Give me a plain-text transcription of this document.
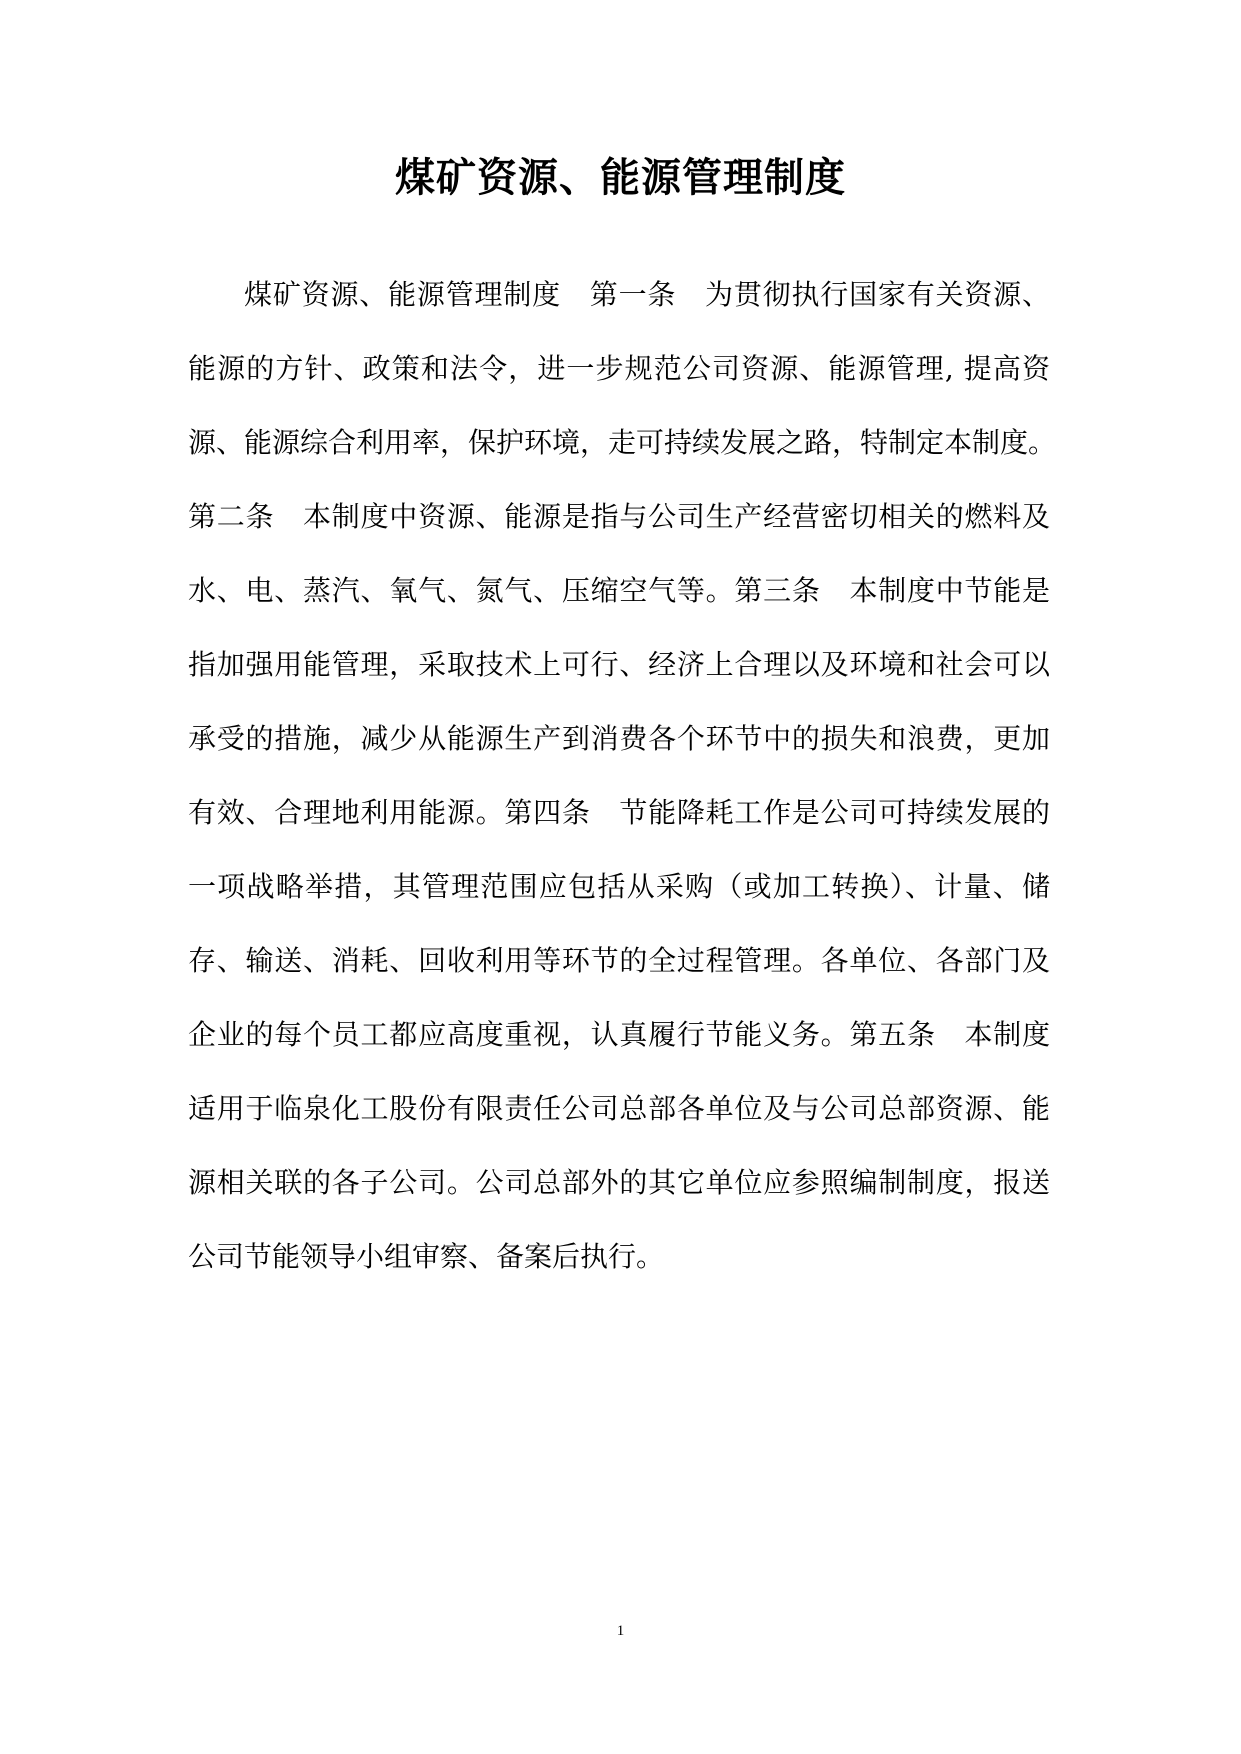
煤矿资源、能源管理制度
煤矿资源、能源管理制度　第一条　为贯彻执行国家有关资源、
能源的方针、政策和法令，进一步规范公司资源、能源管理, 提高资
源、能源综合利用率，保护环境，走可持续发展之路，特制定本制度。
第二条　本制度中资源、能源是指与公司生产经营密切相关的燃料及
水、电、蒸汽、氧气、氮气、压缩空气等。第三条　本制度中节能是
指加强用能管理，采取技术上可行、经济上合理以及环境和社会可以
承受的措施，减少从能源生产到消费各个环节中的损失和浪费，更加
有效、合理地利用能源。第四条　节能降耗工作是公司可持续发展的
一项战略举措，其管理范围应包括从采购（或加工转换）、计量、储
存、输送、消耗、回收利用等环节的全过程管理。各单位、各部门及
企业的每个员工都应高度重视，认真履行节能义务。第五条　本制度
适用于临泉化工股份有限责任公司总部各单位及与公司总部资源、能
源相关联的各子公司。公司总部外的其它单位应参照编制制度，报送
公司节能领导小组审察、备案后执行。
1
